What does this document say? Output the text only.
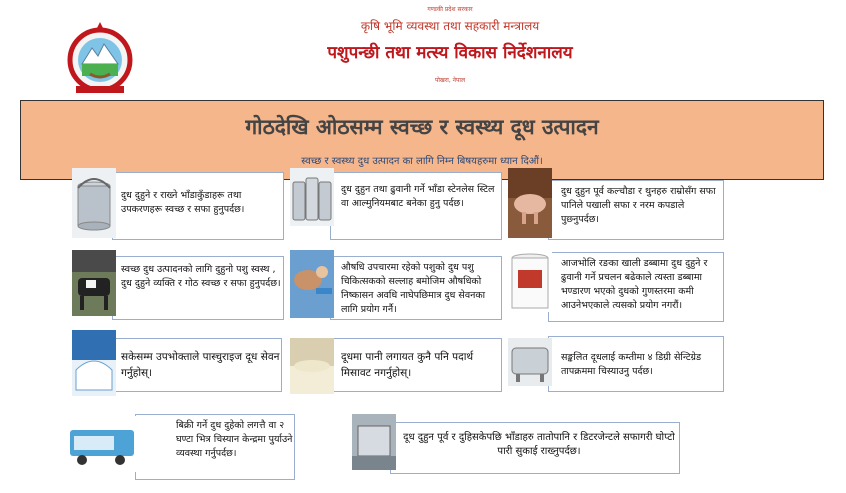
गण्डकी प्रदेश सरकार
कृषि भूमि व्यवस्था तथा सहकारी मन्त्रालय
पशुपन्छी तथा मत्स्य विकास निर्देशनालय
पोखरा, नेपाल
गोठदेखि ओठसम्म स्वच्छ र स्वस्थ्य दूध उत्पादन
स्वच्छ र स्वस्थ्य दुध उत्पादन का लागि निम्न बिषयहरुमा ध्यान दिऔं।
दुध दुहुने र राख्ने भाँडाकुँडाहरू तथा उपकरणहरू स्वच्छ र सफा हुनुपर्दछ।
दुध दुहुन तथा ढुवानी गर्ने भाँडा स्टेनलेस स्टिल वा आल्मुनियमबाट बनेका हुनु पर्दछ।
दुध दुहुन पूर्व कल्चौडा र थुनहरु राम्रोसँग सफा पानिले पखाली सफा र नरम कपडाले पुछ्नुपर्दछ।
स्वच्छ दुध उत्पादनको लागि दुहुनो पशु स्वस्थ , दुध दुहुने व्यक्ति र गोठ स्वच्छ र सफा हुनुपर्दछ।
औषधि उपचारमा रहेको पशुको दुध पशु चिकित्सकको सल्लाह बमोजिम औषधिको निष्कासन अवधि नाघेपछिमात्र दुध सेवनका लागि प्रयोग गर्नै।
आजभोलि रङका खाली डब्बामा दुध दुहुने र ढुवानी गर्ने प्रचलन बढेकाले त्यस्ता डब्बामा भण्डारण भएको दुधको गुणस्तरमा कमी आउनेभएकाले त्यसको प्रयोग नगरौं।
सकेसम्म उपभोक्ताले पास्चुराइज दूध सेवन गर्नुहोस्।
दूधमा पानी लगायत कुनै पनि पदार्थ मिसावट नगर्नुहोस्।
सङ्कलित दूधलाई कम्तीमा ४ डिग्री सेन्टिग्रेड तापक्रममा चिस्याउनु पर्दछ।
बिक्री गर्ने दुध दुहेको लगत्तै वा २ घण्टा भित्र चिस्यान केन्द्रमा पुर्याउने व्यवस्था गर्नुपर्दछ।
दूध दुहुन पूर्व र दुहिसकेपछि भाँडाहरु तातोपानि र डिटरजेन्टले सफागरी घोप्टो पारी सुकाई राख्नुपर्दछ।
